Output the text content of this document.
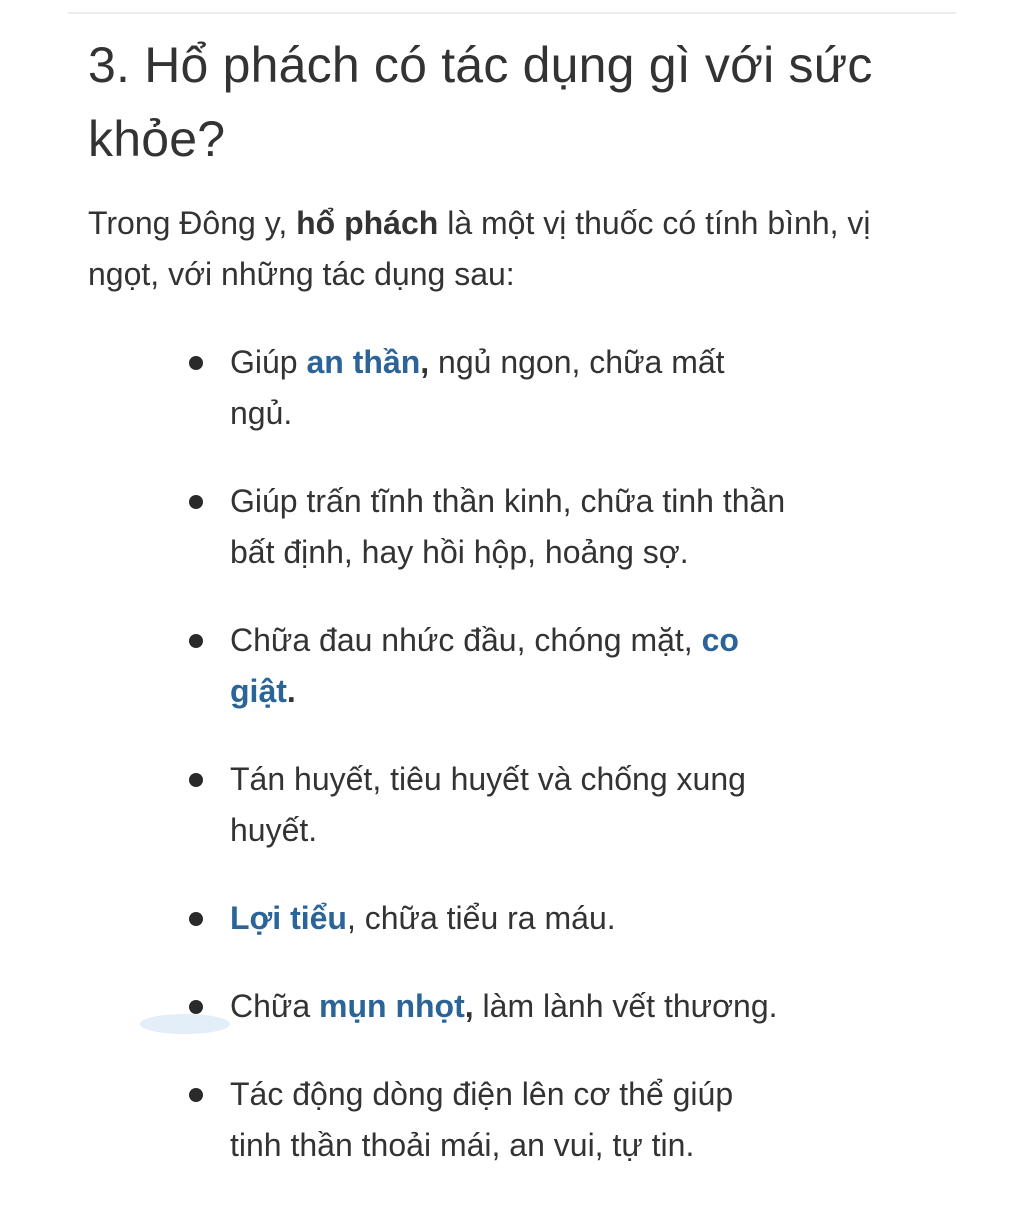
3. Hổ phách có tác dụng gì với sức khỏe?

Trong Đông y, hổ phách là một vị thuốc có tính bình, vị ngọt, với những tác dụng sau:

Giúp an thần, ngủ ngon, chữa mất ngủ.
Giúp trấn tĩnh thần kinh, chữa tinh thần bất định, hay hồi hộp, hoảng sợ.
Chữa đau nhức đầu, chóng mặt, co giật.
Tán huyết, tiêu huyết và chống xung huyết.
Lợi tiểu, chữa tiểu ra máu.
Chữa mụn nhọt, làm lành vết thương.
Tác động dòng điện lên cơ thể giúp tinh thần thoải mái, an vui, tự tin.
